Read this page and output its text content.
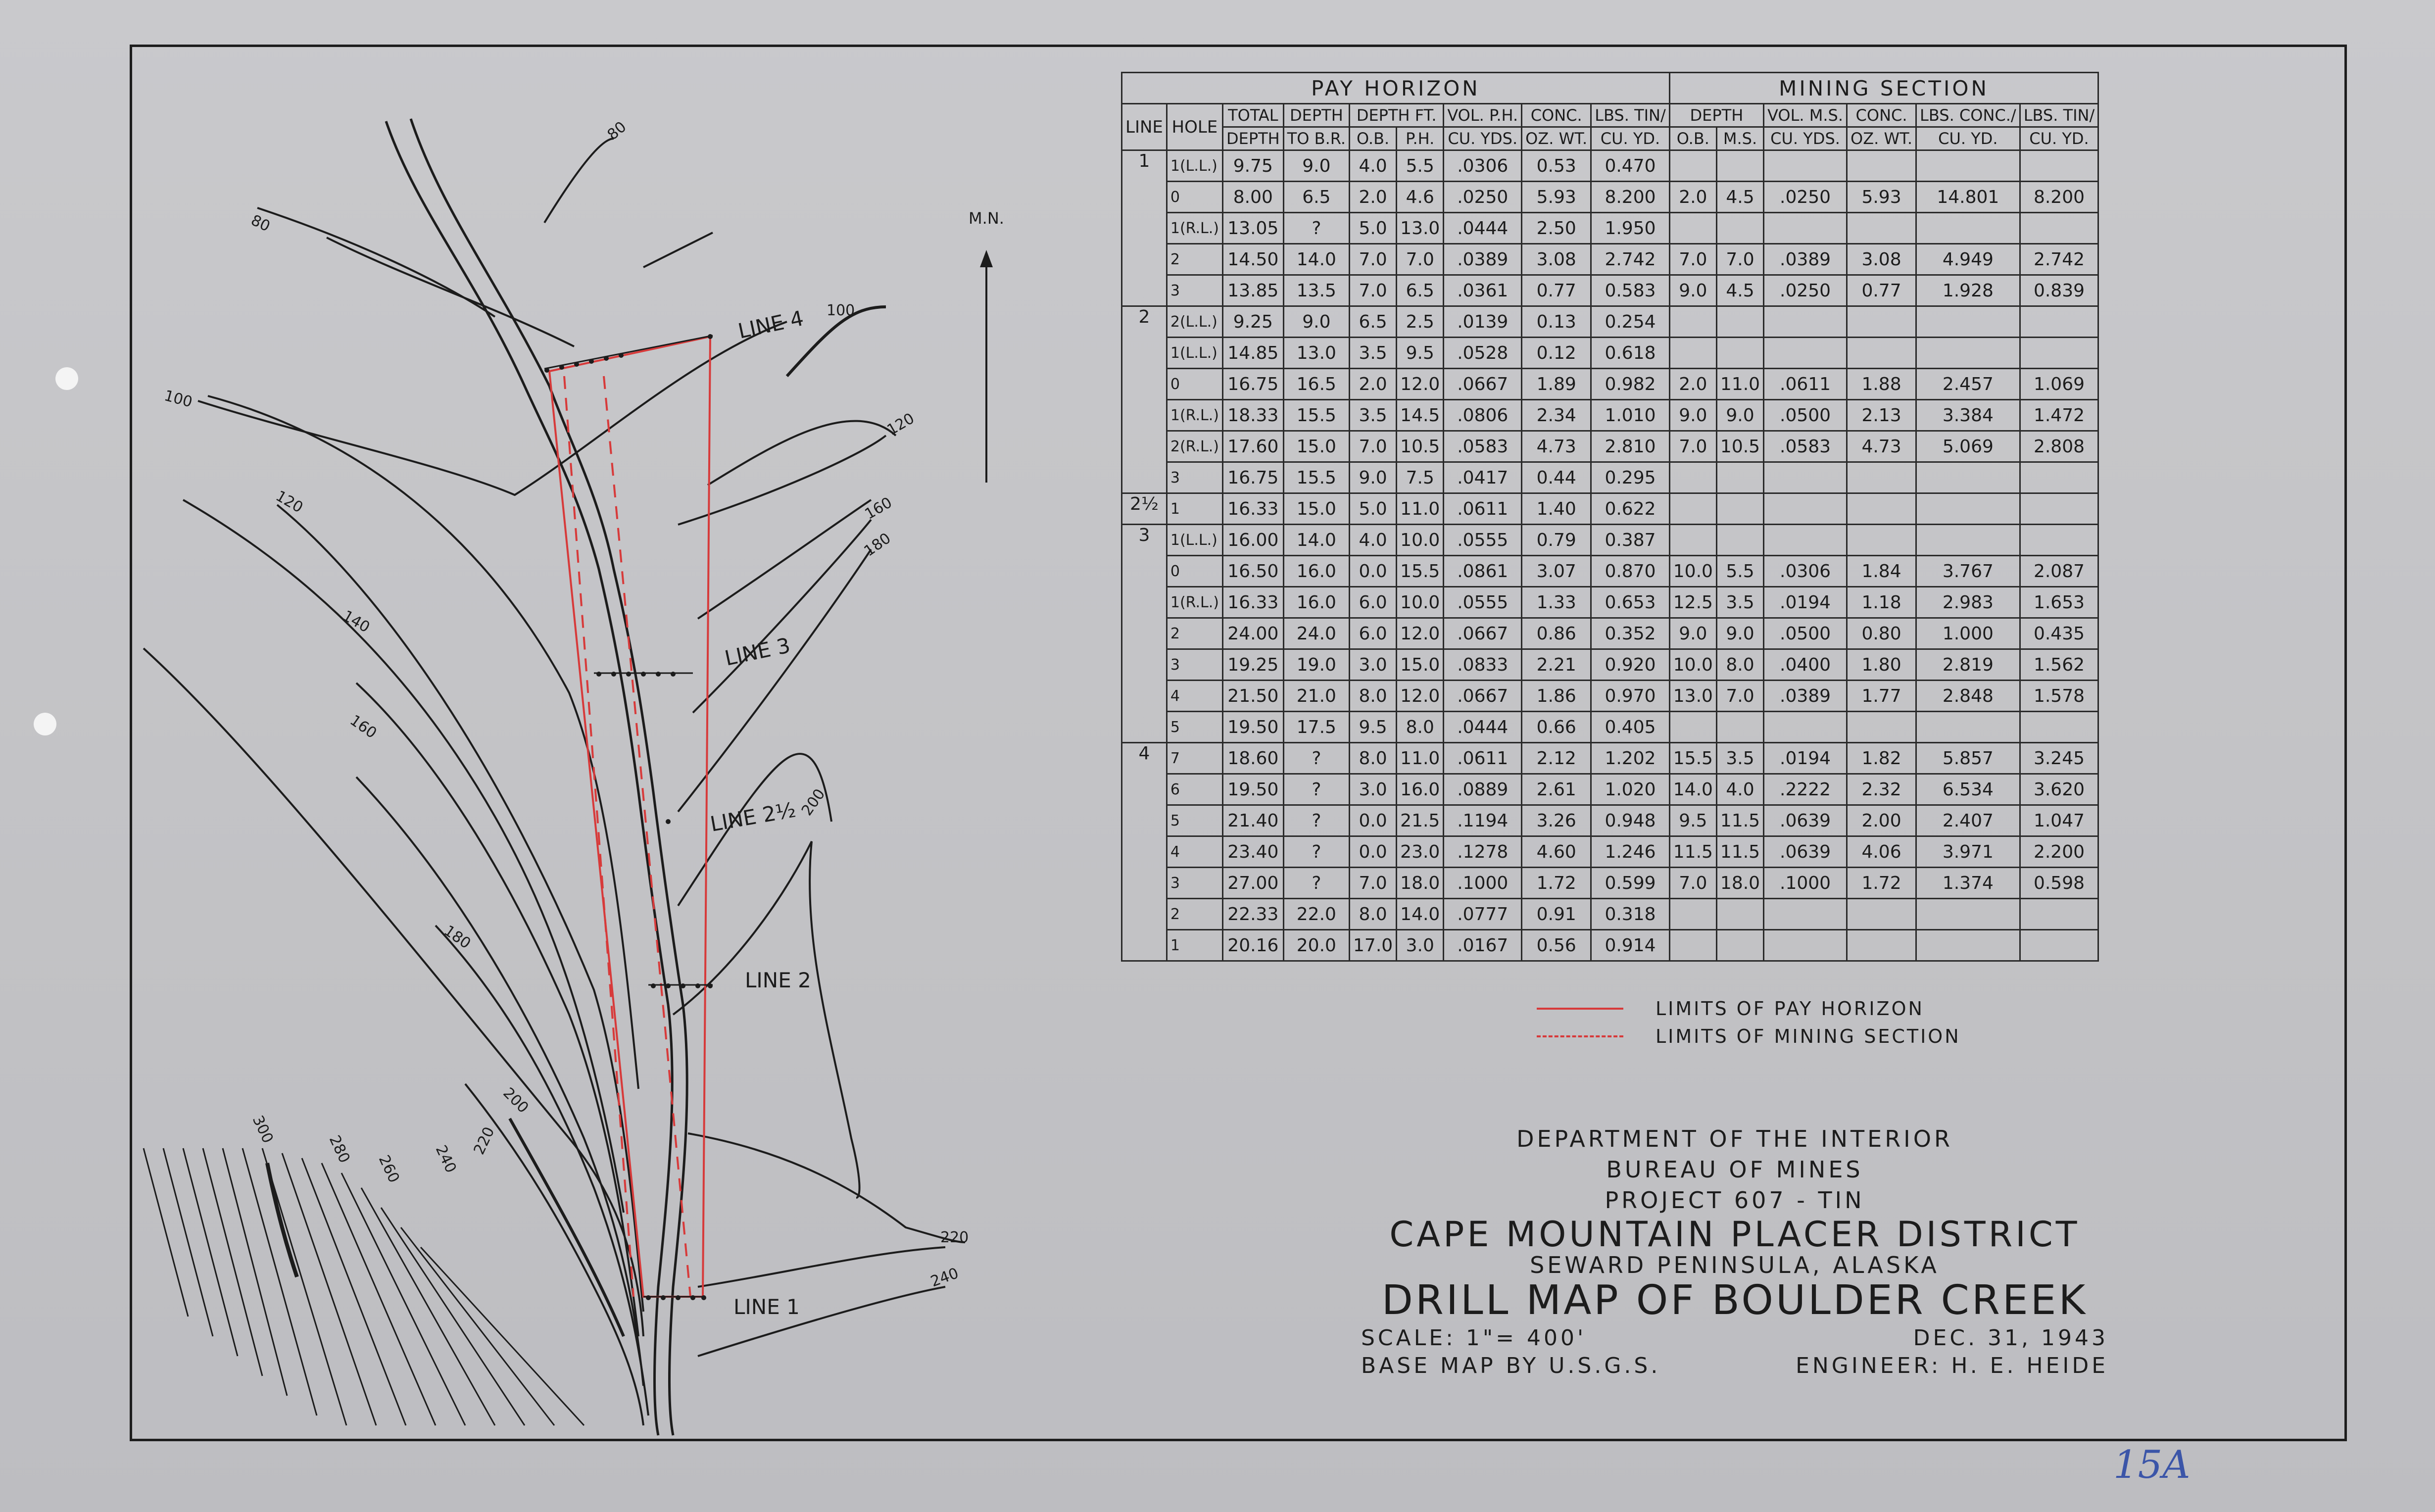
M.N.
LINE 4
LINE 3
LINE 2½
LINE 2
LINE 1
80
80
100
100
120
120
140
160
160
180
180
200
200
220
220
240
240
260
280
300
PAY HORIZON									MINING SECTION					
LINE	HOLE	TOTAL	DEPTH	DEPTH FT.		VOL. P.H.	CONC.	LBS. TIN/	DEPTH		VOL. M.S.	CONC.	LBS. CONC./	LBS. TIN/
		DEPTH	TO B.R.	O.B.	P.H.	CU. YDS.	OZ. WT.	CU. YD.	O.B.	M.S.	CU. YDS.	OZ. WT.	CU. YD.	CU. YD.
1	1(L.L.)	9.75	9.0	4.0	5.5	.0306	0.53	0.470						
	0	8.00	6.5	2.0	4.6	.0250	5.93	8.200	2.0	4.5	.0250	5.93	14.801	8.200
	1(R.L.)	13.05	?	5.0	13.0	.0444	2.50	1.950						
	2	14.50	14.0	7.0	7.0	.0389	3.08	2.742	7.0	7.0	.0389	3.08	4.949	2.742
	3	13.85	13.5	7.0	6.5	.0361	0.77	0.583	9.0	4.5	.0250	0.77	1.928	0.839
2	2(L.L.)	9.25	9.0	6.5	2.5	.0139	0.13	0.254						
	1(L.L.)	14.85	13.0	3.5	9.5	.0528	0.12	0.618						
	0	16.75	16.5	2.0	12.0	.0667	1.89	0.982	2.0	11.0	.0611	1.88	2.457	1.069
	1(R.L.)	18.33	15.5	3.5	14.5	.0806	2.34	1.010	9.0	9.0	.0500	2.13	3.384	1.472
	2(R.L.)	17.60	15.0	7.0	10.5	.0583	4.73	2.810	7.0	10.5	.0583	4.73	5.069	2.808
	3	16.75	15.5	9.0	7.5	.0417	0.44	0.295						
2½	1	16.33	15.0	5.0	11.0	.0611	1.40	0.622						
3	1(L.L.)	16.00	14.0	4.0	10.0	.0555	0.79	0.387						
	0	16.50	16.0	0.0	15.5	.0861	3.07	0.870	10.0	5.5	.0306	1.84	3.767	2.087
	1(R.L.)	16.33	16.0	6.0	10.0	.0555	1.33	0.653	12.5	3.5	.0194	1.18	2.983	1.653
	2	24.00	24.0	6.0	12.0	.0667	0.86	0.352	9.0	9.0	.0500	0.80	1.000	0.435
	3	19.25	19.0	3.0	15.0	.0833	2.21	0.920	10.0	8.0	.0400	1.80	2.819	1.562
	4	21.50	21.0	8.0	12.0	.0667	1.86	0.970	13.0	7.0	.0389	1.77	2.848	1.578
	5	19.50	17.5	9.5	8.0	.0444	0.66	0.405						
4	7	18.60	?	8.0	11.0	.0611	2.12	1.202	15.5	3.5	.0194	1.82	5.857	3.245
	6	19.50	?	3.0	16.0	.0889	2.61	1.020	14.0	4.0	.2222	2.32	6.534	3.620
	5	21.40	?	0.0	21.5	.1194	3.26	0.948	9.5	11.5	.0639	2.00	2.407	1.047
	4	23.40	?	0.0	23.0	.1278	4.60	1.246	11.5	11.5	.0639	4.06	3.971	2.200
	3	27.00	?	7.0	18.0	.1000	1.72	0.599	7.0	18.0	.1000	1.72	1.374	0.598
	2	22.33	22.0	8.0	14.0	.0777	0.91	0.318						
	1	20.16	20.0	17.0	3.0	.0167	0.56	0.914						
LIMITS OF PAY HORIZON
LIMITS OF MINING SECTION
DEPARTMENT OF THE INTERIOR
BUREAU OF MINES
PROJECT 607 - TIN
CAPE MOUNTAIN PLACER DISTRICT
SEWARD PENINSULA, ALASKA
DRILL MAP OF BOULDER CREEK
SCALE: 1"= 400'	DEC. 31, 1943
BASE MAP BY U.S.G.S.	ENGINEER: H. E. HEIDE
15A
